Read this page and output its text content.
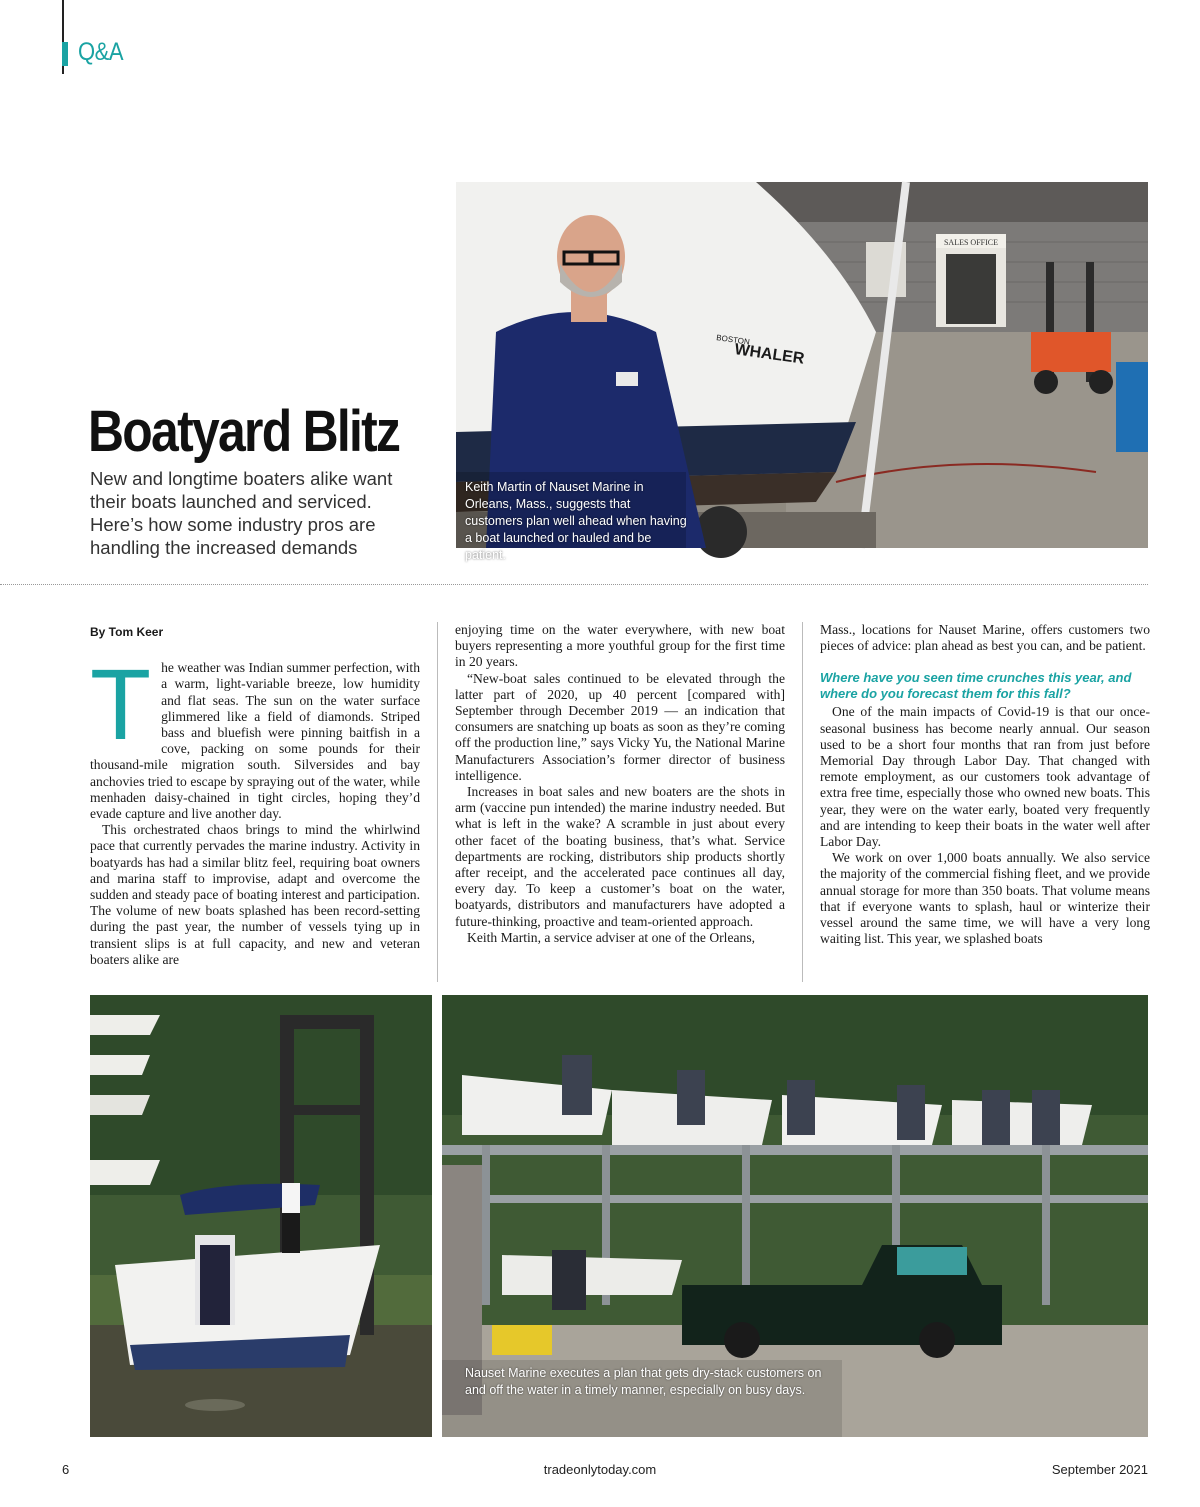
Q&A
SALES OFFICE
BOSTON
WHALER
Keith Martin of Nauset Marine in Orleans, Mass., suggests that customers plan well ahead when having a boat launched or hauled and be patient.
Boatyard Blitz
New and longtime boaters alike want their boats launched and serviced. Here’s how some industry pros are handling the increased demands
By Tom Keer

The weather was Indian summer perfection, with a warm, light-variable breeze, low humidity and flat seas. The sun on the water surface glimmered like a field of diamonds. Striped bass and bluefish were pinning baitfish in a cove, packing on some pounds for their thousand-mile migration south. Silversides and bay anchovies tried to escape by spraying out of the water, while menhaden daisy-chained in tight circles, hoping they’d evade capture and live another day.

This orchestrated chaos brings to mind the whirlwind pace that currently pervades the marine industry. Activity in boatyards has had a similar blitz feel, requiring boat owners and marina staff to improvise, adapt and overcome the sudden and steady pace of boating interest and participation. The volume of new boats splashed has been record-setting during the past year, the number of vessels tying up in transient slips is at full capacity, and new and veteran boaters alike are

enjoying time on the water everywhere, with new boat buyers representing a more youthful group for the first time in 20 years.

“New-boat sales continued to be elevated through the latter part of 2020, up 40 percent [compared with] September through December 2019 — an indication that consumers are snatching up boats as soon as they’re coming off the production line,” says Vicky Yu, the National Marine Manufacturers Association’s former director of business intelligence.

Increases in boat sales and new boaters are the shots in arm (vaccine pun intended) the marine industry needed. But what is left in the wake? A scramble in just about every other facet of the boating business, that’s what. Service departments are rocking, distributors ship products shortly after receipt, and the accelerated pace continues all day, every day. To keep a customer’s boat on the water, boatyards, distributors and manufacturers have adopted a future-thinking, proactive and team-oriented approach.

Keith Martin, a service adviser at one of the Orleans,

Mass., locations for Nauset Marine, offers customers two pieces of advice: plan ahead as best you can, and be patient.

Where have you seen time crunches this year, and where do you forecast them for this fall?

One of the main impacts of Covid-19 is that our once-seasonal business has become nearly annual. Our season used to be a short four months that ran from just before Memorial Day through Labor Day. That changed with remote employment, as our customers took advantage of extra free time, especially those who owned new boats. This year, they were on the water early, boated very frequently and are intending to keep their boats in the water well after Labor Day.

We work on over 1,000 boats annually. We also service the majority of the commercial fishing fleet, and we provide annual storage for more than 350 boats. That volume means that if everyone wants to splash, haul or winterize their vessel around the same time, we will have a very long waiting list. This year, we splashed boats

Nauset Marine executes a plan that gets dry-stack customers on and off the water in a timely manner, especially on busy days.
6	tradeonlytoday.com	September 2021
